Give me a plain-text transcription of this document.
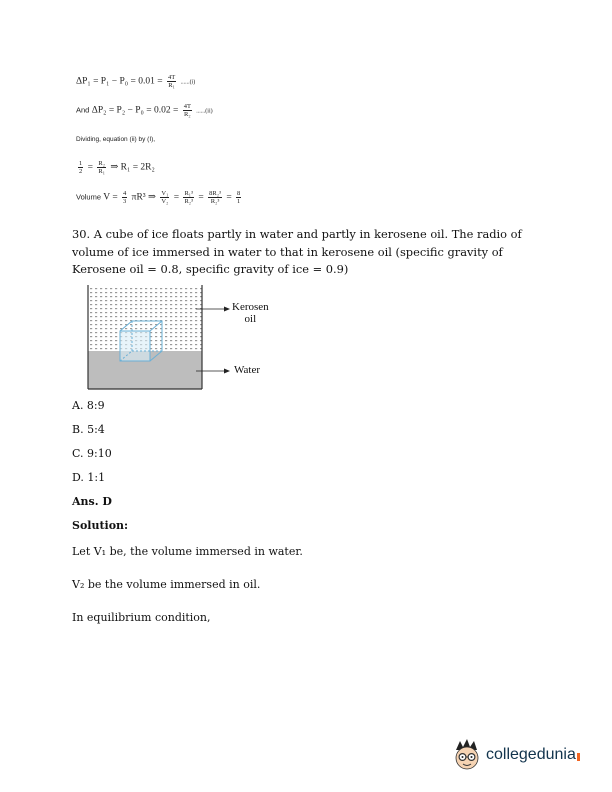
$\Delta P_1 = P_1 - P_0 = 0.01 = \frac{4T}{\text{R₁}} ......(i)$
And $\Delta P_2 = P_2 - P_0 = 0.02 = \frac{4T}{\text{R₂}} ......(ii)$
Dividing, equation (ii) by (I),
$\frac{1}{2} = \frac{\text{R₂}}{\text{R₁}}$ ⇒ R₁ = 2R₂
Volume $V = \frac{4}{3} \pi R^3$ ⇒ $\frac{\text{V₁}}{\text{V₂}} = \frac{\text{R₁³}}{\text{R₂³}} = \frac{\text{8R₂³}}{\text{R₂³}} = \frac{8}{1}$
30. A cube of ice floats partly in water and partly in kerosene oil. The radio of volume of ice immersed in water to that in kerosene oil (specific gravity of Kerosene oil = 0.8, specific gravity of ice = 0.9)
Kerosen
oil
Water
A. 8:9
B. 5:4
C. 9:10
D. 1:1
Ans. D
Solution:
Let V₁ be, the volume immersed in water.
V₂ be the volume immersed in oil.
In equilibrium condition,
collegedunia
